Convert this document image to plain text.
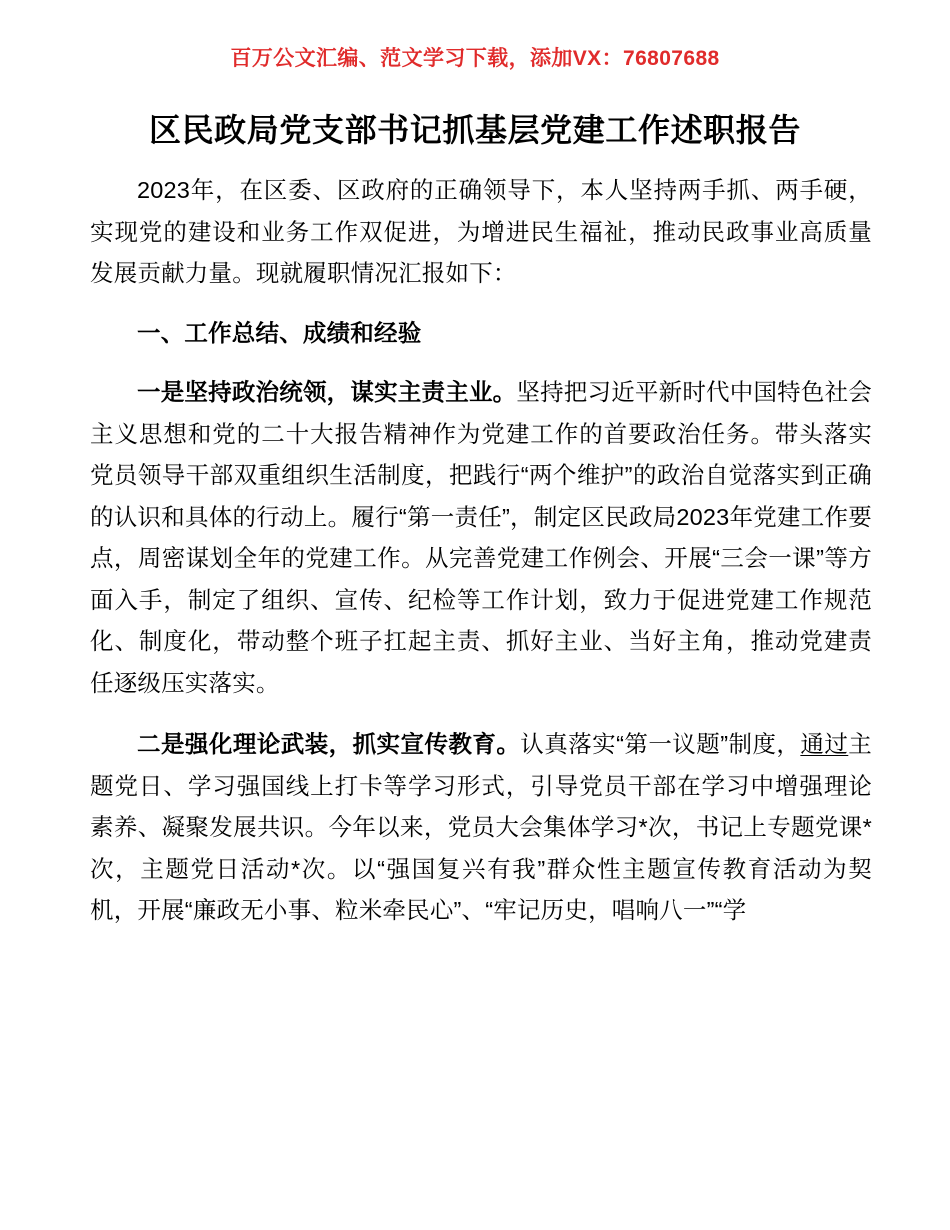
百万公文汇编、范文学习下载，添加VX：76807688
区民政局党支部书记抓基层党建工作述职报告

2023年，在区委、区政府的正确领导下，本人坚持两手抓、两手硬，实现党的建设和业务工作双促进，为增进民生福祉，推动民政事业高质量发展贡献力量。现就履职情况汇报如下：

一、工作总结、成绩和经验

一是坚持政治统领，谋实主责主业。坚持把习近平新时代中国特色社会主义思想和党的二十大报告精神作为党建工作的首要政治任务。带头落实党员领导干部双重组织生活制度，把践行“两个维护”的政治自觉落实到正确的认识和具体的行动上。履行“第一责任”，制定区民政局2023年党建工作要点，周密谋划全年的党建工作。从完善党建工作例会、开展“三会一课”等方面入手，制定了组织、宣传、纪检等工作计划，致力于促进党建工作规范化、制度化，带动整个班子扛起主责、抓好主业、当好主角，推动党建责任逐级压实落实。

二是强化理论武装，抓实宣传教育。认真落实“第一议题”制度，通过主题党日、学习强国线上打卡等学习形式，引导党员干部在学习中增强理论素养、凝聚发展共识。今年以来，党员大会集体学习*次，书记上专题党课*次，主题党日活动*次。以“强国复兴有我”群众性主题宣传教育活动为契机，开展“廉政无小事、粒米牵民心”、“牢记历史，唱响八一”“学
